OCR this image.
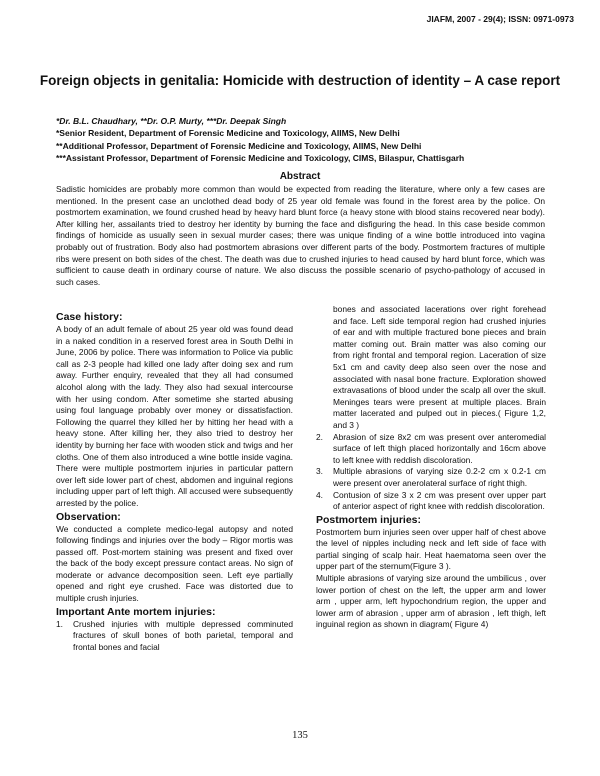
JIAFM, 2007 - 29(4); ISSN: 0971-0973
Foreign objects in genitalia: Homicide with destruction of identity – A case report
*Dr. B.L. Chaudhary, **Dr. O.P. Murty, ***Dr. Deepak Singh
*Senior Resident, Department of Forensic Medicine and Toxicology, AIIMS, New Delhi
**Additional Professor, Department of Forensic Medicine and Toxicology, AIIMS, New Delhi
***Assistant Professor, Department of Forensic Medicine and Toxicology, CIMS, Bilaspur, Chattisgarh
Abstract

Sadistic homicides are probably more common than would be expected from reading the literature, where only a few cases are mentioned. In the present case an unclothed dead body of 25 year old female was found in the forest area by the police. On postmortem examination, we found crushed head by heavy hard blunt force (a heavy stone with blood stains recovered near body). After killing her, assailants tried to destroy her identity by burning the face and disfiguring the head. In this case beside common findings of homicide as usually seen in sexual murder cases; there was unique finding of a wine bottle introduced into vagina probably out of frustration. Body also had postmortem abrasions over different parts of the body. Postmortem fractures of multiple ribs were present on both sides of the chest. The death was due to crushed injuries to head caused by hard blunt force, which was sufficient to cause death in ordinary course of nature. We also discuss the possible scenario of psycho-pathology of accused in such cases.

Case history:

A body of an adult female of about 25 year old was found dead in a naked condition in a reserved forest area in South Delhi in June, 2006 by police. There was information to Police via public call as 2-3 people had killed one lady after doing sex and rum away. Further enquiry, revealed that they all had consumed alcohol along with the lady. They also had sexual intercourse with her using condom. After sometime she started abusing using foul language probably over money or dissatisfaction. Following the quarrel they killed her by hitting her head with a heavy stone. After killing her, they also tried to destroy her identity by burning her face with wooden stick and twigs and her cloths. One of them also introduced a wine bottle inside vagina. There were multiple postmortem injuries in particular pattern over left side lower part of chest, abdomen and inguinal regions including upper part of left thigh. All accused were subsequently arrested by the police.

Observation:

We conducted a complete medico-legal autopsy and noted following findings and injuries over the body – Rigor mortis was passed off. Post-mortem staining was present and fixed over the back of the body except pressure contact areas. No sign of moderate or advance decomposition seen. Left eye partially opened and right eye crushed. Face was distorted due to multiple crush injuries.

Important Ante mortem injuries:
1.	Crushed injuries with multiple depressed comminuted fractures of skull bones of both parietal, temporal and frontal bones and facial

bones and associated lacerations over right forehead and face. Left side temporal region had crushed injuries of ear and with multiple fractured bone pieces and brain matter coming out. Brain matter was also coming our from right frontal and temporal region. Laceration of size 5x1 cm and cavity deep also seen over the nose and associated with nasal bone fracture. Exploration showed extravasations of blood under the scalp all over the skull. Meninges tears were present at multiple places. Brain matter lacerated and pulped out in pieces.( Figure 1,2, and 3 )

2.	Abrasion of size 8x2 cm was present over anteromedial surface of left thigh placed horizontally and 16cm above to left knee with reddish discoloration.
3.	Multiple abrasions of varying size 0.2-2 cm x 0.2-1 cm were present over anerolateral surface of right thigh.
4.	Contusion of size 3 x 2 cm was present over upper part of anterior aspect of right knee with reddish discoloration.
Postmortem injuries:

Postmortem burn injuries seen over upper half of chest above the level of nipples including neck and left side of face with partial singing of scalp hair. Heat haematoma seen over the upper part of the sternum(Figure 3 ).

Multiple abrasions of varying size around the umbilicus , over lower portion of chest on the left, the upper arm and lower arm , upper arm, left hypochondrium region, the upper and lower arm of abrasion , upper arm of abrasion , left thigh, left inguinal region as shown in diagram( Figure 4)

135
